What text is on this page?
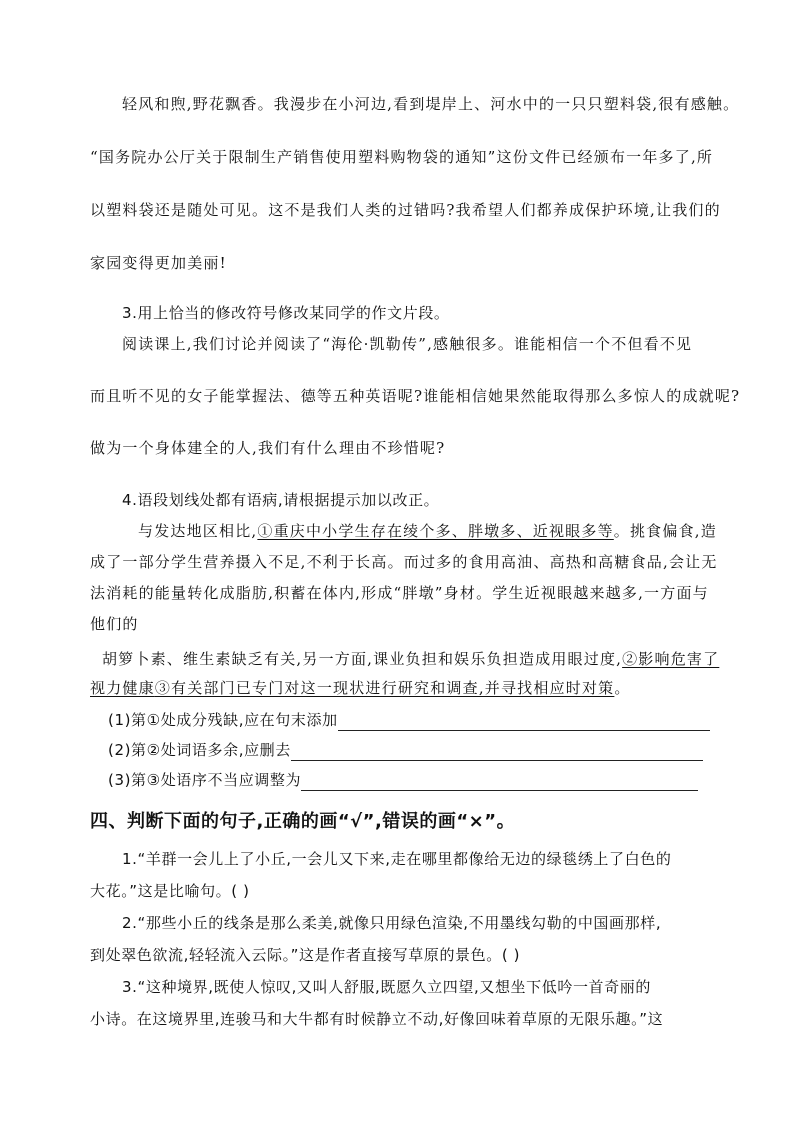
轻风和煦,野花飘香。我漫步在小河边,看到堤岸上、河水中的一只只塑料袋,很有感触。

“国务院办公厅关于限制生产销售使用塑料购物袋的通知”这份文件已经颁布一年多了,所

以塑料袋还是随处可见。这不是我们人类的过错吗?我希望人们都养成保护环境,让我们的

家园变得更加美丽!

3.用上恰当的修改符号修改某同学的作文片段。

阅读课上,我们讨论并阅读了“海伦·凯勒传”,感触很多。谁能相信一个不但看不见

而且听不见的女子能掌握法、德等五种英语呢?谁能相信她果然能取得那么多惊人的成就呢?

做为一个身体建全的人,我们有什么理由不珍惜呢?

4.语段划线处都有语病,请根据提示加以改正。

与发达地区相比,①重庆中小学生存在绫个多、胖墩多、近视眼多等。挑食偏食,造

成了一部分学生营养摄入不足,不利于长高。而过多的食用高油、高热和高糖食品,会让无

法消耗的能量转化成脂肪,积蓄在体内,形成“胖墩”身材。学生近视眼越来越多,一方面与

他们的

胡箩卜素、维生素缺乏有关,另一方面,课业负担和娱乐负担造成用眼过度,②影响危害了

视力健康③有关部门已专门对这一现状进行研究和调查,并寻找相应时对策。

(1)第①处成分残缺,应在句末添加
(2)第②处词语多余,应删去
(3)第③处语序不当应调整为

四、判断下面的句子,正确的画“√”,错误的画“×”。

1.“羊群一会儿上了小丘,一会儿又下来,走在哪里都像给无边的绿毯绣上了白色的

大花。”这是比喻句。( )

2.“那些小丘的线条是那么柔美,就像只用绿色渲染,不用墨线勾勒的中国画那样,

到处翠色欲流,轻轻流入云际。”这是作者直接写草原的景色。( )

3.“这种境界,既使人惊叹,又叫人舒服,既愿久立四望,又想坐下低吟一首奇丽的

小诗。在这境界里,连骏马和大牛都有时候静立不动,好像回味着草原的无限乐趣。”这
